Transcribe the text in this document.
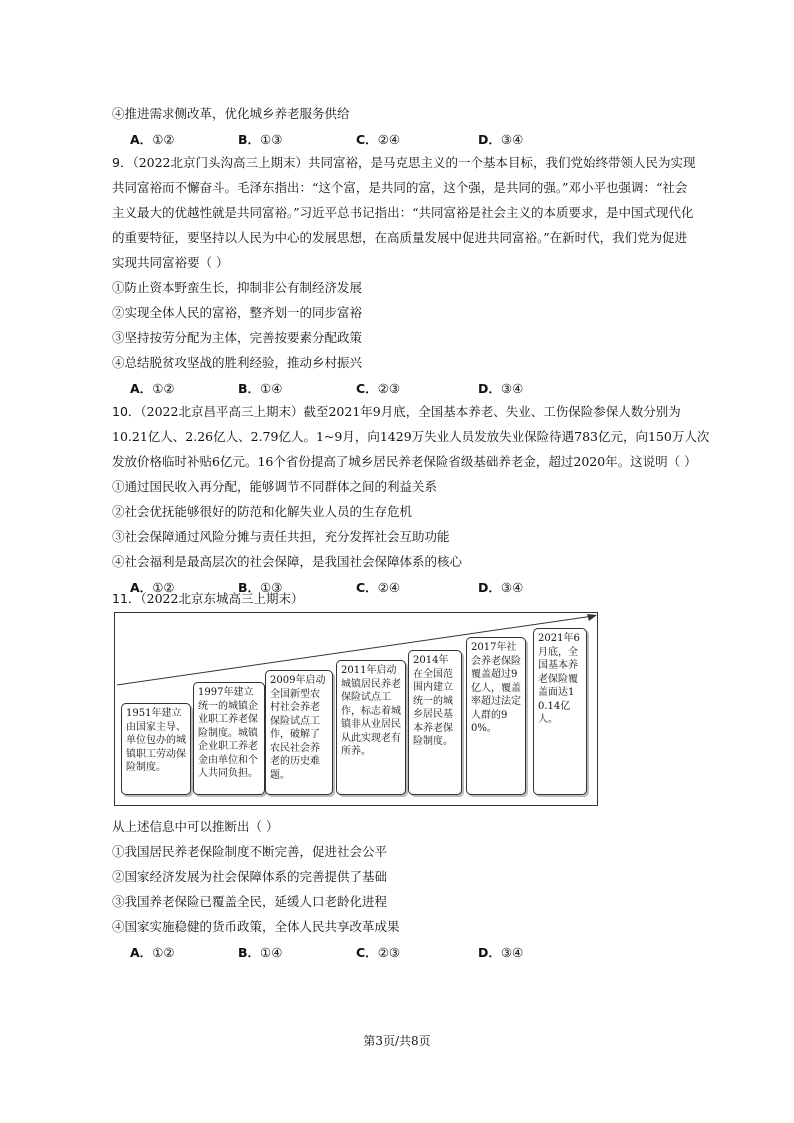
④推进需求侧改革，优化城乡养老服务供给
A．①②	B．①③	C．②④	D．③④
9．（2022北京门头沟高三上期末）共同富裕，是马克思主义的一个基本目标，我们党始终带领人民为实现
共同富裕而不懈奋斗。毛泽东指出：“这个富，是共同的富，这个强，是共同的强。”邓小平也强调：“社会
主义最大的优越性就是共同富裕。”习近平总书记指出：“共同富裕是社会主义的本质要求，是中国式现代化
的重要特征，要坚持以人民为中心的发展思想，在高质量发展中促进共同富裕。”在新时代，我们党为促进
实现共同富裕要（ ）
①防止资本野蛮生长，抑制非公有制经济发展
②实现全体人民的富裕，整齐划一的同步富裕
③坚持按劳分配为主体，完善按要素分配政策
④总结脱贫攻坚战的胜利经验，推动乡村振兴
A．①②	B．①④	C．②③	D．③④
10．（2022北京昌平高三上期末）截至2021年9月底，全国基本养老、失业、工伤保险参保人数分别为
10.21亿人、2.26亿人、2.79亿人。1~9月，向1429万失业人员发放失业保险待遇783亿元，向150万人次
发放价格临时补贴6亿元。16个省份提高了城乡居民养老保险省级基础养老金，超过2020年。这说明（ ）
①通过国民收入再分配，能够调节不同群体之间的利益关系
②社会优抚能够很好的防范和化解失业人员的生存危机
③社会保障通过风险分摊与责任共担，充分发挥社会互助功能
④社会福利是最高层次的社会保障，是我国社会保障体系的核心
A．①②	B．①③	C．②④	D．③④
11．（2022北京东城高三上期末）
1951年建立由国家主导、单位包办的城镇职工劳动保险制度。
1997年建立统一的城镇企业职工养老保险制度。城镇企业职工养老金由单位和个人共同负担。
2009年启动全国新型农村社会养老保险试点工作，破解了农民社会养老的历史难题。
2011年启动城镇居民养老保险试点工作，标志着城镇非从业居民从此实现老有所养。
2014年在全国范围内建立统一的城乡居民基本养老保险制度。
2017年社会养老保险覆盖超过9亿人，覆盖率超过法定人群的90%。
2021年6月底，全国基本养老保险覆盖面达10.14亿人。
从上述信息中可以推断出（ ）
①我国居民养老保险制度不断完善，促进社会公平
②国家经济发展为社会保障体系的完善提供了基础
③我国养老保险已覆盖全民，延缓人口老龄化进程
④国家实施稳健的货币政策，全体人民共享改革成果
A．①②	B．①④	C．②③	D．③④
第3页/共8页
